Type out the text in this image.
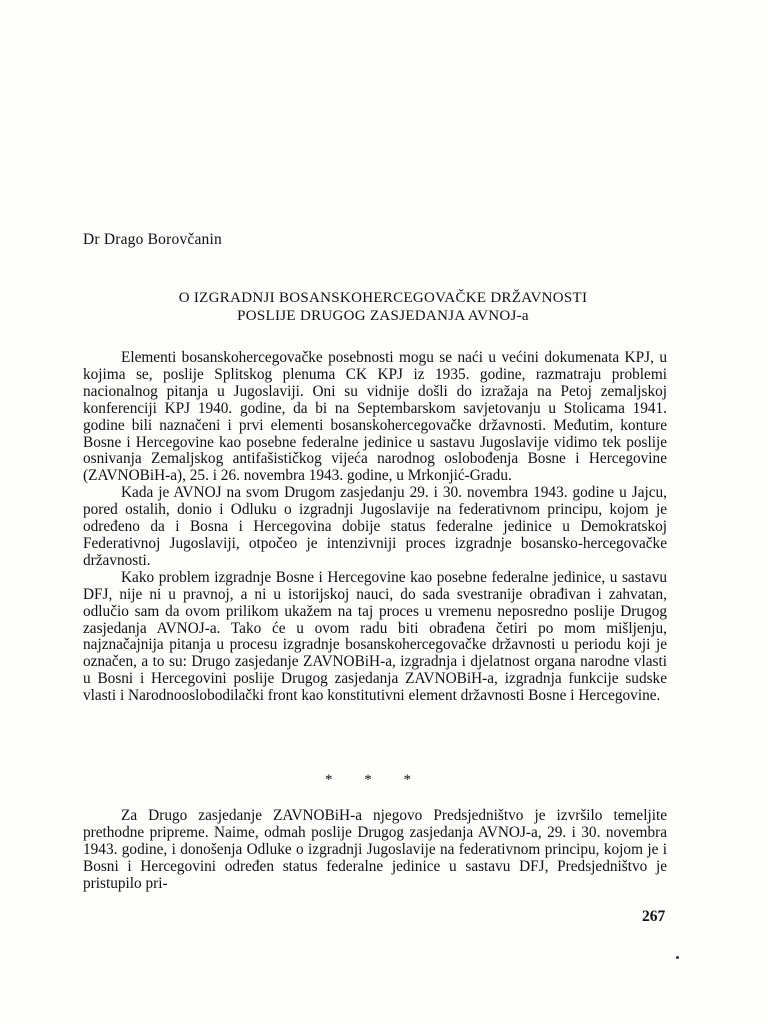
Dr Drago Borovčanin
O IZGRADNJI BOSANSKOHERCEGOVAČKE DRŽAVNOSTI
POSLIJE DRUGOG ZASJEDANJA AVNOJ-a

Elementi bosanskohercegovačke posebnosti mogu se naći u većini dokumenata KPJ, u kojima se, poslije Splitskog plenuma CK KPJ iz 1935. godine, razmatraju problemi nacionalnog pitanja u Jugoslaviji. Oni su vidnije došli do izražaja na Petoj zemaljskoj konferenciji KPJ 1940. godine, da bi na Septembarskom savjetovanju u Stolicama 1941. godine bili naznačeni i prvi elementi bosanskohercegovačke državnosti. Međutim, konture Bosne i Hercegovine kao posebne federalne jedinice u sastavu Jugoslavije vidimo tek poslije osnivanja Zemaljskog antifašističkog vijeća narodnog oslobođenja Bosne i Hercegovine (ZAVNOBiH-a), 25. i 26. novembra 1943. godine, u Mrkonjić-Gradu.

Kada je AVNOJ na svom Drugom zasjedanju 29. i 30. novembra 1943. godine u Jajcu, pored ostalih, donio i Odluku o izgradnji Jugoslavije na federativnom principu, kojom je određeno da i Bosna i Hercegovina dobije status federalne jedinice u Demokratskoj Federativnoj Jugoslaviji, otpočeo je intenzivniji proces izgradnje bosansko-hercegovačke državnosti.

Kako problem izgradnje Bosne i Hercegovine kao posebne federalne jedinice, u sastavu DFJ, nije ni u pravnoj, a ni u istorijskoj nauci, do sada svestranije obrađivan i zahvatan, odlučio sam da ovom prilikom ukažem na taj proces u vremenu neposredno poslije Drugog zasjedanja AVNOJ-a. Tako će u ovom radu biti obrađena četiri po mom mišljenju, najznačajnija pitanja u procesu izgradnje bosanskohercegovačke državnosti u periodu koji je označen, a to su: Drugo zasjedanje ZAVNOBiH-a, izgradnja i djelatnost organa narodne vlasti u Bosni i Hercegovini poslije Drugog zasjedanja ZAVNOBiH-a, izgradnja funkcije sudske vlasti i Narodnooslobodilački front kao konstitutivni element državnosti Bosne i Hercegovine.

* * *

Za Drugo zasjedanje ZAVNOBiH-a njegovo Predsjedništvo je izvršilo temeljite prethodne pripreme. Naime, odmah poslije Drugog zasjedanja AVNOJ-a, 29. i 30. novembra 1943. godine, i donošenja Odluke o izgradnji Jugoslavije na federativnom principu, kojom je i Bosni i Hercegovini određen status federalne jedinice u sastavu DFJ, Predsjedništvo je pristupilo pri-

267
